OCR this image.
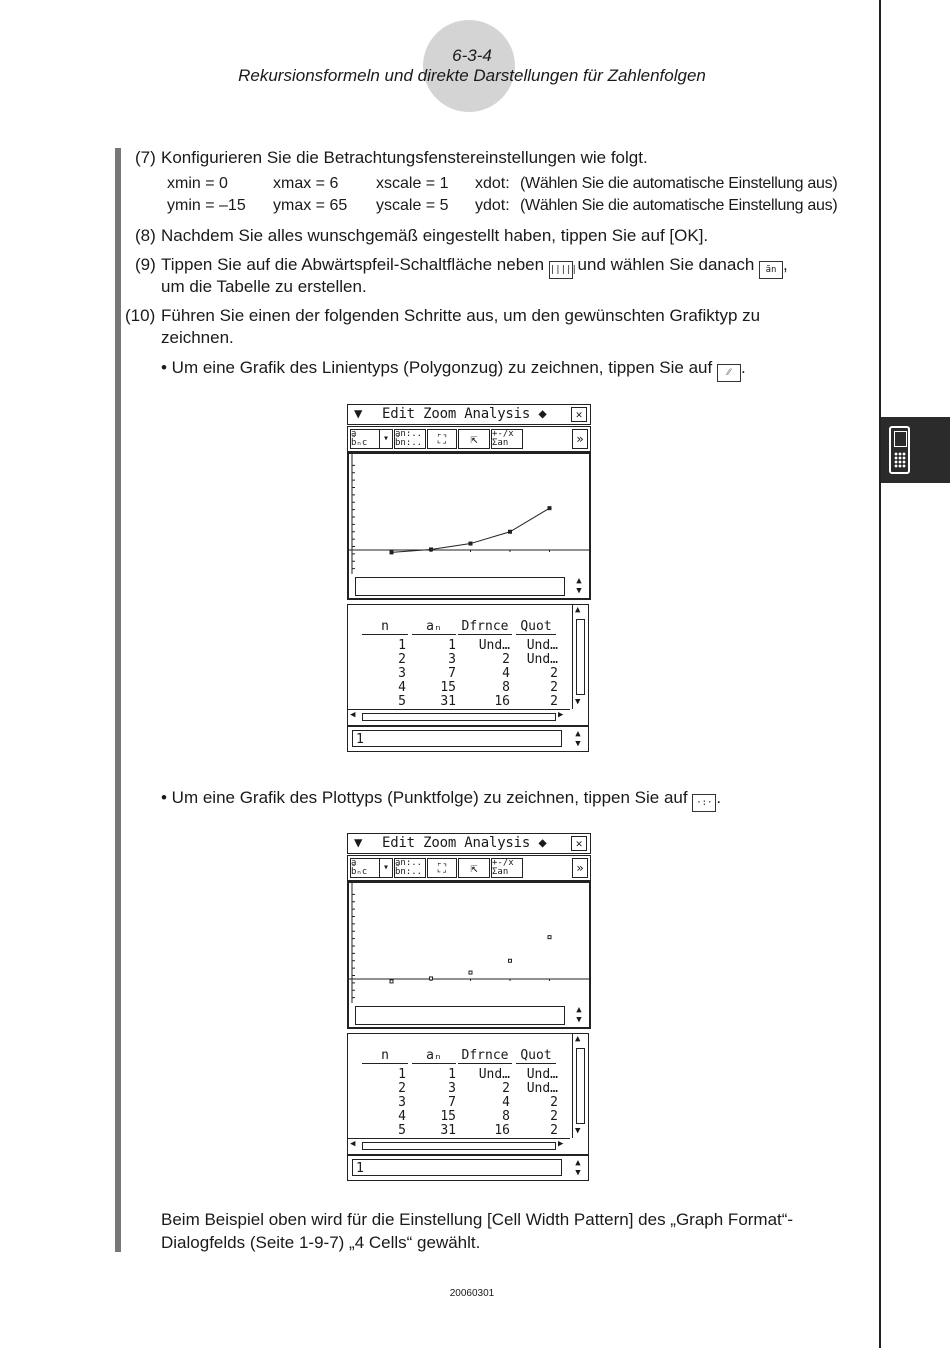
6-3-4
Rekursionsformeln und direkte Darstellungen für Zahlenfolgen
(7) Konfigurieren Sie die Betrachtungsfenstereinstellungen wie folgt.
xmin = 0	xmax = 6 xscale = 1 xdot: (Wählen Sie die automatische Einstellung aus)
ymin = –15 ymax = 65 yscale = 5 ydot: (Wählen Sie die automatische Einstellung aus)
(8) Nachdem Sie alles wunschgemäß eingestellt haben, tippen Sie auf [OK].
(9) Tippen Sie auf die Abwärtspfeil-Schaltfläche neben ||||| und wählen Sie danach ãn ,
um die Tabelle zu erstellen.
(10) Führen Sie einen der folgenden Schritte aus, um den gewünschten Grafiktyp zu
zeichnen.
• Um eine Grafik des Linientyps (Polygonzug) zu zeichnen, tippen Sie auf ⁄⁄ .
▼ Edit Zoom Analysis ◆	✕
ã
b̃ₙc	▾ ãn:..
b̃n:..	⛶	⇱	+-/x
Σan	»
▲
▼
n	aₙ	Dfrnce Quot
1	1	Und…	Und…
2	3	2	Und…
3	7	4	2
4	15	8	2
5	31	16	2
▲
▼
◀	▶
1	▲
▼
• Um eine Grafik des Plottyps (Punktfolge) zu zeichnen, tippen Sie auf ·:· .
▼ Edit Zoom Analysis ◆	✕
ã
b̃ₙc	▾ ãn:..
b̃n:..	⛶	⇱	+-/x
Σan	»
▲
▼
n	aₙ	Dfrnce Quot
1	1	Und…	Und…
2	3	2	Und…
3	7	4	2
4	15	8	2
5	31	16	2
▲
▼
◀	▶
1	▲
▼
Beim Beispiel oben wird für die Einstellung [Cell Width Pattern] des „Graph Format“-
Dialogfelds (Seite 1-9-7) „4 Cells“ gewählt.
20060301
